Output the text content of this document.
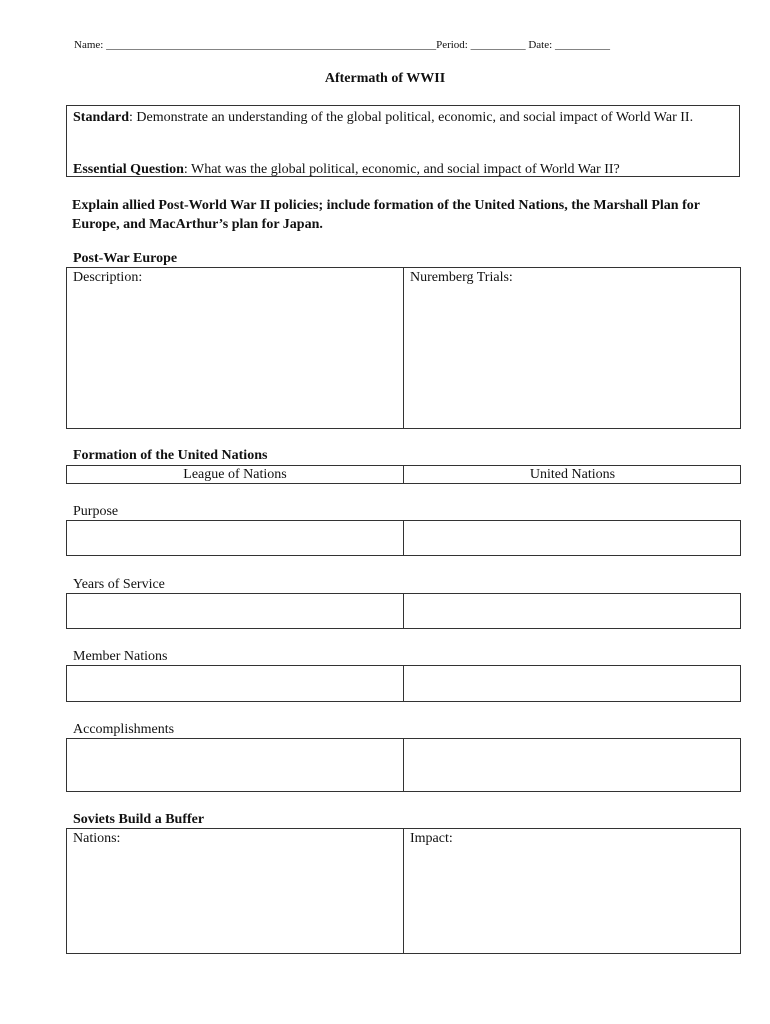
Name: ____________________________________________________________Period: __________ Date: __________
Aftermath of WWII
Standard: Demonstrate an understanding of the global political, economic, and social impact of World War II.
Essential Question: What was the global political, economic, and social impact of World War II?
Explain allied Post-World War II policies; include formation of the United Nations, the Marshall Plan for Europe, and MacArthur’s plan for Japan.
Post-War Europe
Description:	Nuremberg Trials:
Formation of the United Nations
League of Nations	United Nations
Purpose
Years of Service
Member Nations
Accomplishments
Soviets Build a Buffer
Nations:	Impact:
